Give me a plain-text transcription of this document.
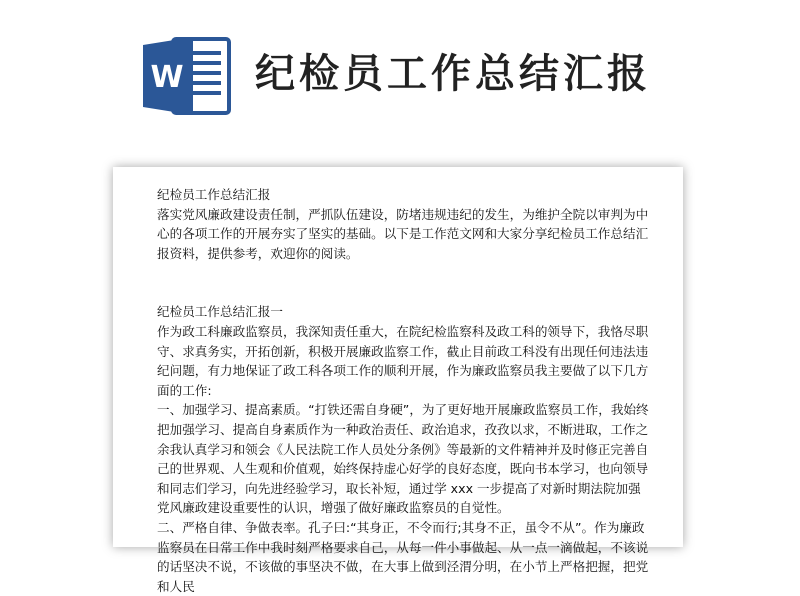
W 纪检员工作总结汇报

纪检员工作总结汇报

落实党风廉政建设责任制，严抓队伍建设，防堵违规违纪的发生，为维护全院以审判为中心的各项工作的开展夯实了坚实的基础。以下是工作范文网和大家分享纪检员工作总结汇报资料，提供参考，欢迎你的阅读。

纪检员工作总结汇报一

作为政工科廉政监察员，我深知责任重大，在院纪检监察科及政工科的领导下，我恪尽职守、求真务实，开拓创新，积极开展廉政监察工作，截止目前政工科没有出现任何违法违纪问题，有力地保证了政工科各项工作的顺利开展，作为廉政监察员我主要做了以下几方面的工作:

一、加强学习、提高素质。“打铁还需自身硬”，为了更好地开展廉政监察员工作，我始终把加强学习、提高自身素质作为一种政治责任、政治追求，孜孜以求，不断进取，工作之余我认真学习和领会《人民法院工作人员处分条例》等最新的文件精神并及时修正完善自己的世界观、人生观和价值观，始终保持虚心好学的良好态度，既向书本学习，也向领导和同志们学习，向先进经验学习，取长补短，通过学 xxx 一步提高了对新时期法院加强党风廉政建设重要性的认识，增强了做好廉政监察员的自觉性。

二、严格自律、争做表率。孔子曰:“其身正，不令而行;其身不正，虽令不从”。作为廉政监察员在日常工作中我时刻严格要求自己，从每一件小事做起、从一点一滴做起，不该说的话坚决不说，不该做的事坚决不做，在大事上做到泾渭分明，在小节上严格把握，把党和人民
